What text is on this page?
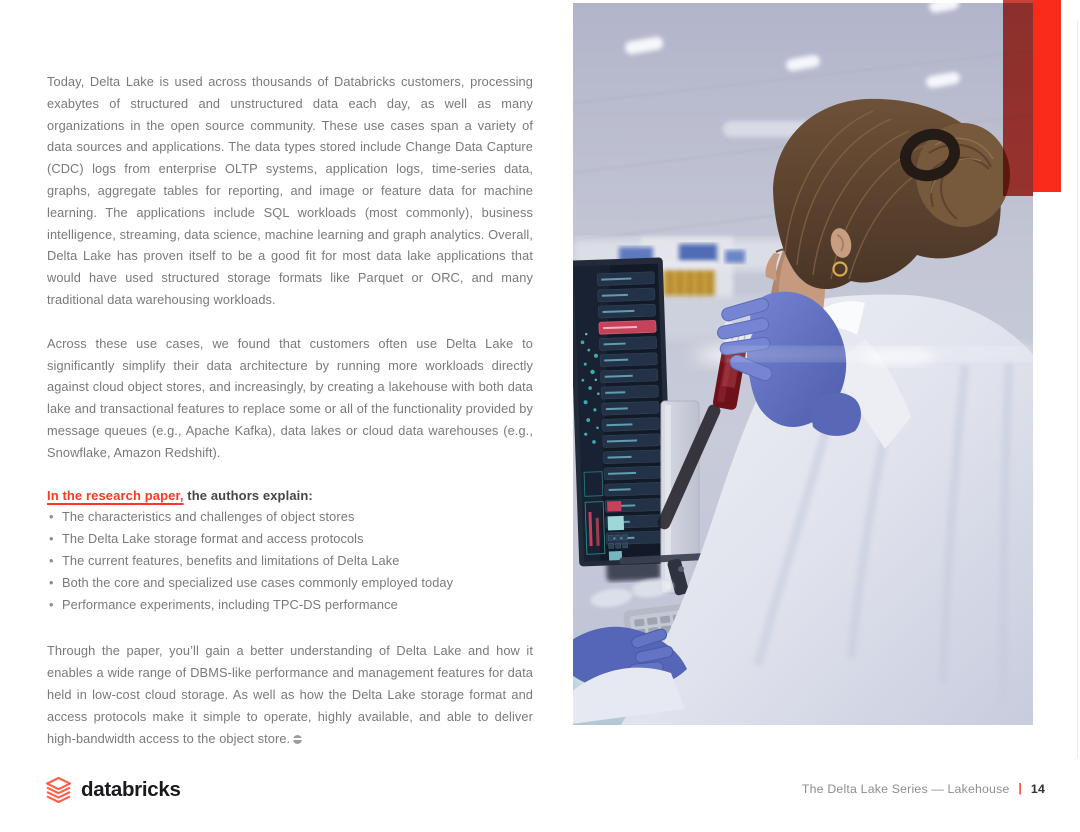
Today, Delta Lake is used across thousands of Databricks customers, processing exabytes of structured and unstructured data each day, as well as many organizations in the open source community. These use cases span a variety of data sources and applications. The data types stored include Change Data Capture (CDC) logs from enterprise OLTP systems, application logs, time-series data, graphs, aggregate tables for reporting, and image or feature data for machine learning. The applications include SQL workloads (most commonly), business intelligence, streaming, data science, machine learning and graph analytics. Overall, Delta Lake has proven itself to be a good fit for most data lake applications that would have used structured storage formats like Parquet or ORC, and many traditional data warehousing workloads.

Across these use cases, we found that customers often use Delta Lake to significantly simplify their data architecture by running more workloads directly against cloud object stores, and increasingly, by creating a lakehouse with both data lake and transactional features to replace some or all of the functionality provided by message queues (e.g., Apache Kafka), data lakes or cloud data warehouses (e.g., Snowflake, Amazon Redshift).

In the research paper, the authors explain:

• The characteristics and challenges of object stores
• The Delta Lake storage format and access protocols
• The current features, benefits and limitations of Delta Lake
• Both the core and specialized use cases commonly employed today
• Performance experiments, including TPC-DS performance

Through the paper, you’ll gain a better understanding of Delta Lake and how it enables a wide range of DBMS-like performance and management features for data held in low-cost cloud storage. As well as how the Delta Lake storage format and access protocols make it simple to operate, highly available, and able to deliver high-bandwidth access to the object store.

databricks	The Delta Lake Series — Lakehouse | 14
